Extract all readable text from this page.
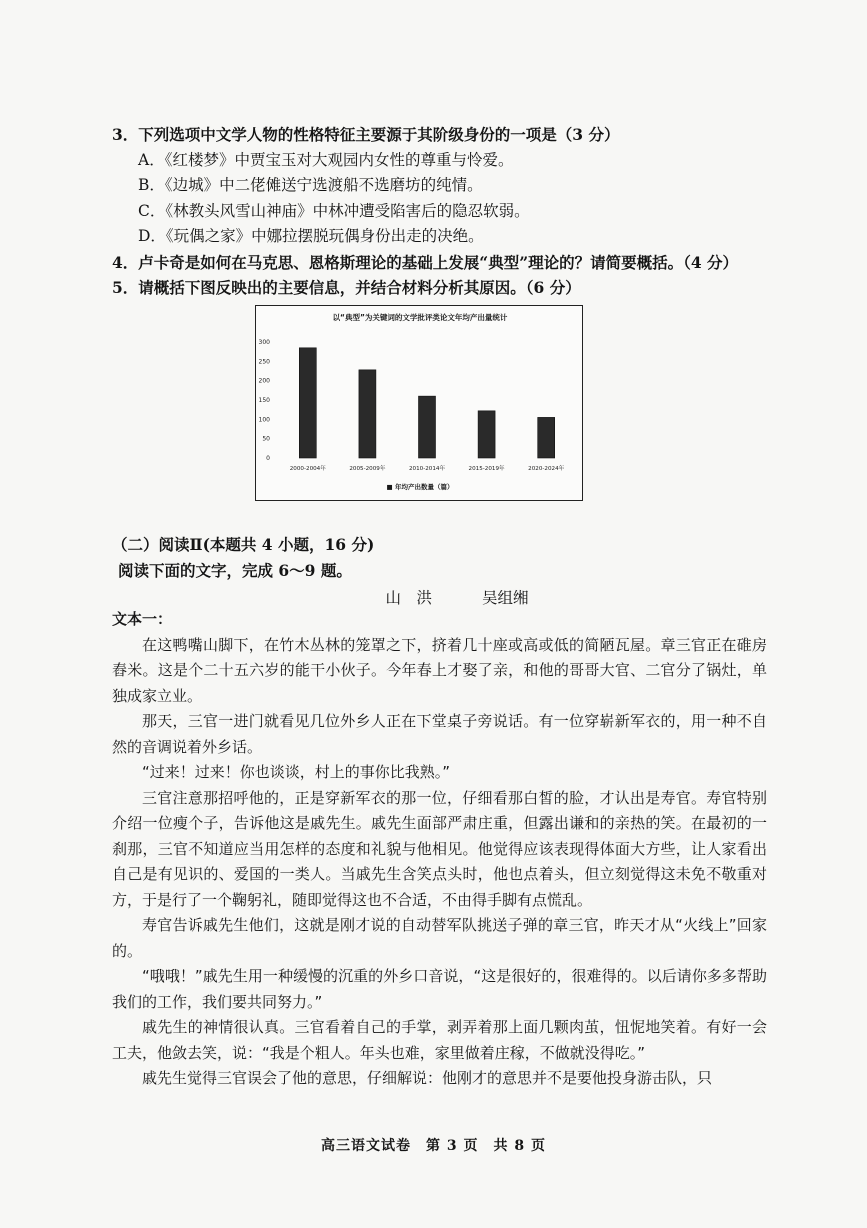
3．下列选项中文学人物的性格特征主要源于其阶级身份的一项是（3 分）
A．《红楼梦》中贾宝玉对大观园内女性的尊重与怜爱。
B．《边城》中二佬傩送宁选渡船不选磨坊的纯情。
C．《林教头风雪山神庙》中林冲遭受陷害后的隐忍软弱。
D．《玩偶之家》中娜拉摆脱玩偶身份出走的决绝。
4．卢卡奇是如何在马克思、恩格斯理论的基础上发展“典型”理论的？请简要概括。（4 分）
5．请概括下图反映出的主要信息，并结合材料分析其原因。（6 分）
以“典型”为关键词的文学批评类论文年均产出量统计
0
50
100
150
200
250
300
2000-2004年	2005-2009年	2010-2014年	2015-2019年	2020-2024年
■ 年均产出数量（篇）
（二）阅读Ⅱ(本题共 4 小题，16 分)
阅读下面的文字，完成 6～9 题。
山　洪	吴组缃

文本一：

在这鸭嘴山脚下，在竹木丛林的笼罩之下，挤着几十座或高或低的简陋瓦屋。章三官正在碓房舂米。这是个二十五六岁的能干小伙子。今年春上才娶了亲，和他的哥哥大官、二官分了锅灶，单独成家立业。

那天，三官一进门就看见几位外乡人正在下堂桌子旁说话。有一位穿崭新军衣的，用一种不自然的音调说着外乡话。

“过来！过来！你也谈谈，村上的事你比我熟。”

三官注意那招呼他的，正是穿新军衣的那一位，仔细看那白皙的脸，才认出是寿官。寿官特别介绍一位瘦个子，告诉他这是戚先生。戚先生面部严肃庄重，但露出谦和的亲热的笑。在最初的一刹那，三官不知道应当用怎样的态度和礼貌与他相见。他觉得应该表现得体面大方些，让人家看出自己是有见识的、爱国的一类人。当戚先生含笑点头时，他也点着头，但立刻觉得这未免不敬重对方，于是行了一个鞠躬礼，随即觉得这也不合适，不由得手脚有点慌乱。

寿官告诉戚先生他们，这就是刚才说的自动替军队挑送子弹的章三官，昨天才从“火线上”回家的。

“哦哦！”戚先生用一种缓慢的沉重的外乡口音说，“这是很好的，很难得的。以后请你多多帮助我们的工作，我们要共同努力。”

戚先生的神情很认真。三官看着自己的手掌，剥弄着那上面几颗肉茧，忸怩地笑着。有好一会工夫，他敛去笑，说：“我是个粗人。年头也难，家里做着庄稼，不做就没得吃。”

戚先生觉得三官误会了他的意思，仔细解说：他刚才的意思并不是要他投身游击队，只

高三语文试卷　第 3 页　共 8 页
